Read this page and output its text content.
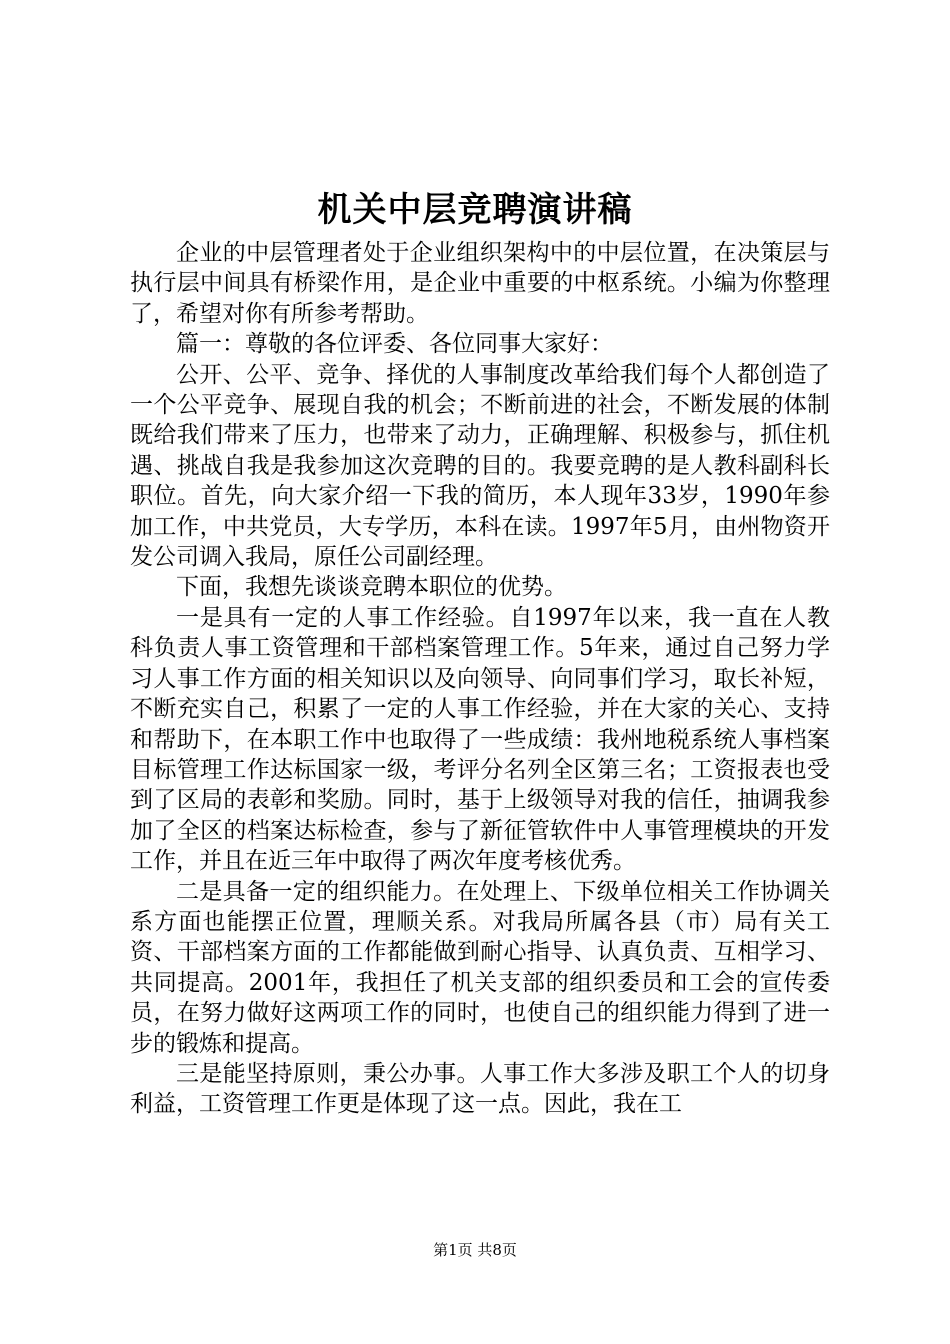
机关中层竞聘演讲稿

企业的中层管理者处于企业组织架构中的中层位置，在决策层与执行层中间具有桥梁作用，是企业中重要的中枢系统。小编为你整理了，希望对你有所参考帮助。

篇一：尊敬的各位评委、各位同事大家好：

公开、公平、竞争、择优的人事制度改革给我们每个人都创造了一个公平竞争、展现自我的机会；不断前进的社会，不断发展的体制既给我们带来了压力，也带来了动力，正确理解、积极参与，抓住机遇、挑战自我是我参加这次竞聘的目的。我要竞聘的是人教科副科长职位。首先，向大家介绍一下我的简历，本人现年33岁，1990年参加工作，中共党员，大专学历，本科在读。1997年5月，由州物资开发公司调入我局，原任公司副经理。

下面，我想先谈谈竞聘本职位的优势。

一是具有一定的人事工作经验。自1997年以来，我一直在人教科负责人事工资管理和干部档案管理工作。5年来，通过自己努力学习人事工作方面的相关知识以及向领导、向同事们学习，取长补短，不断充实自己，积累了一定的人事工作经验，并在大家的关心、支持和帮助下，在本职工作中也取得了一些成绩：我州地税系统人事档案目标管理工作达标国家一级，考评分名列全区第三名；工资报表也受到了区局的表彰和奖励。同时，基于上级领导对我的信任，抽调我参加了全区的档案达标检查，参与了新征管软件中人事管理模块的开发工作，并且在近三年中取得了两次年度考核优秀。

二是具备一定的组织能力。在处理上、下级单位相关工作协调关系方面也能摆正位置，理顺关系。对我局所属各县（市）局有关工资、干部档案方面的工作都能做到耐心指导、认真负责、互相学习、共同提高。2001年，我担任了机关支部的组织委员和工会的宣传委员，在努力做好这两项工作的同时，也使自己的组织能力得到了进一步的锻炼和提高。

三是能坚持原则，秉公办事。人事工作大多涉及职工个人的切身利益，工资管理工作更是体现了这一点。因此，我在工

第1页 共8页
